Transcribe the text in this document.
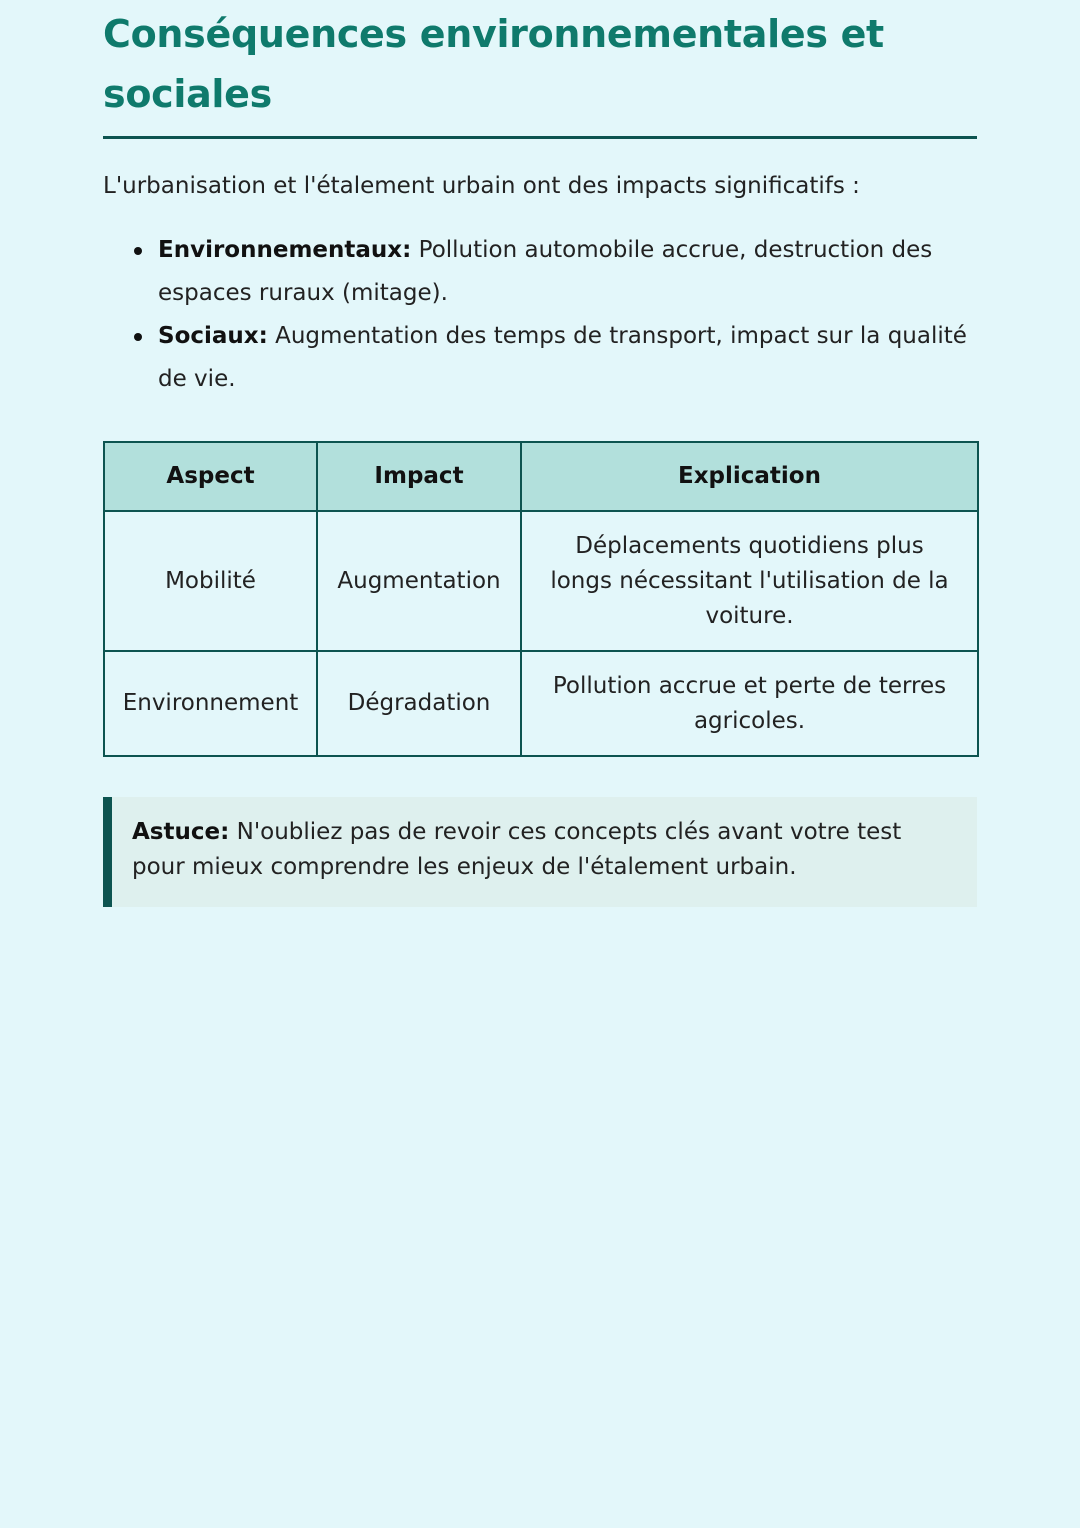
Conséquences environnementales et sociales

L'urbanisation et l'étalement urbain ont des impacts significatifs :

Environnementaux: Pollution automobile accrue, destruction des espaces ruraux (mitage).
Sociaux: Augmentation des temps de transport, impact sur la qualité de vie.
Aspect	Impact	Explication
Mobilité	Augmentation	Déplacements quotidiens plus longs nécessitant l'utilisation de la voiture.
Environnement	Dégradation	Pollution accrue et perte de terres agricoles.
Astuce: N'oubliez pas de revoir ces concepts clés avant votre test pour mieux comprendre les enjeux de l'étalement urbain.
